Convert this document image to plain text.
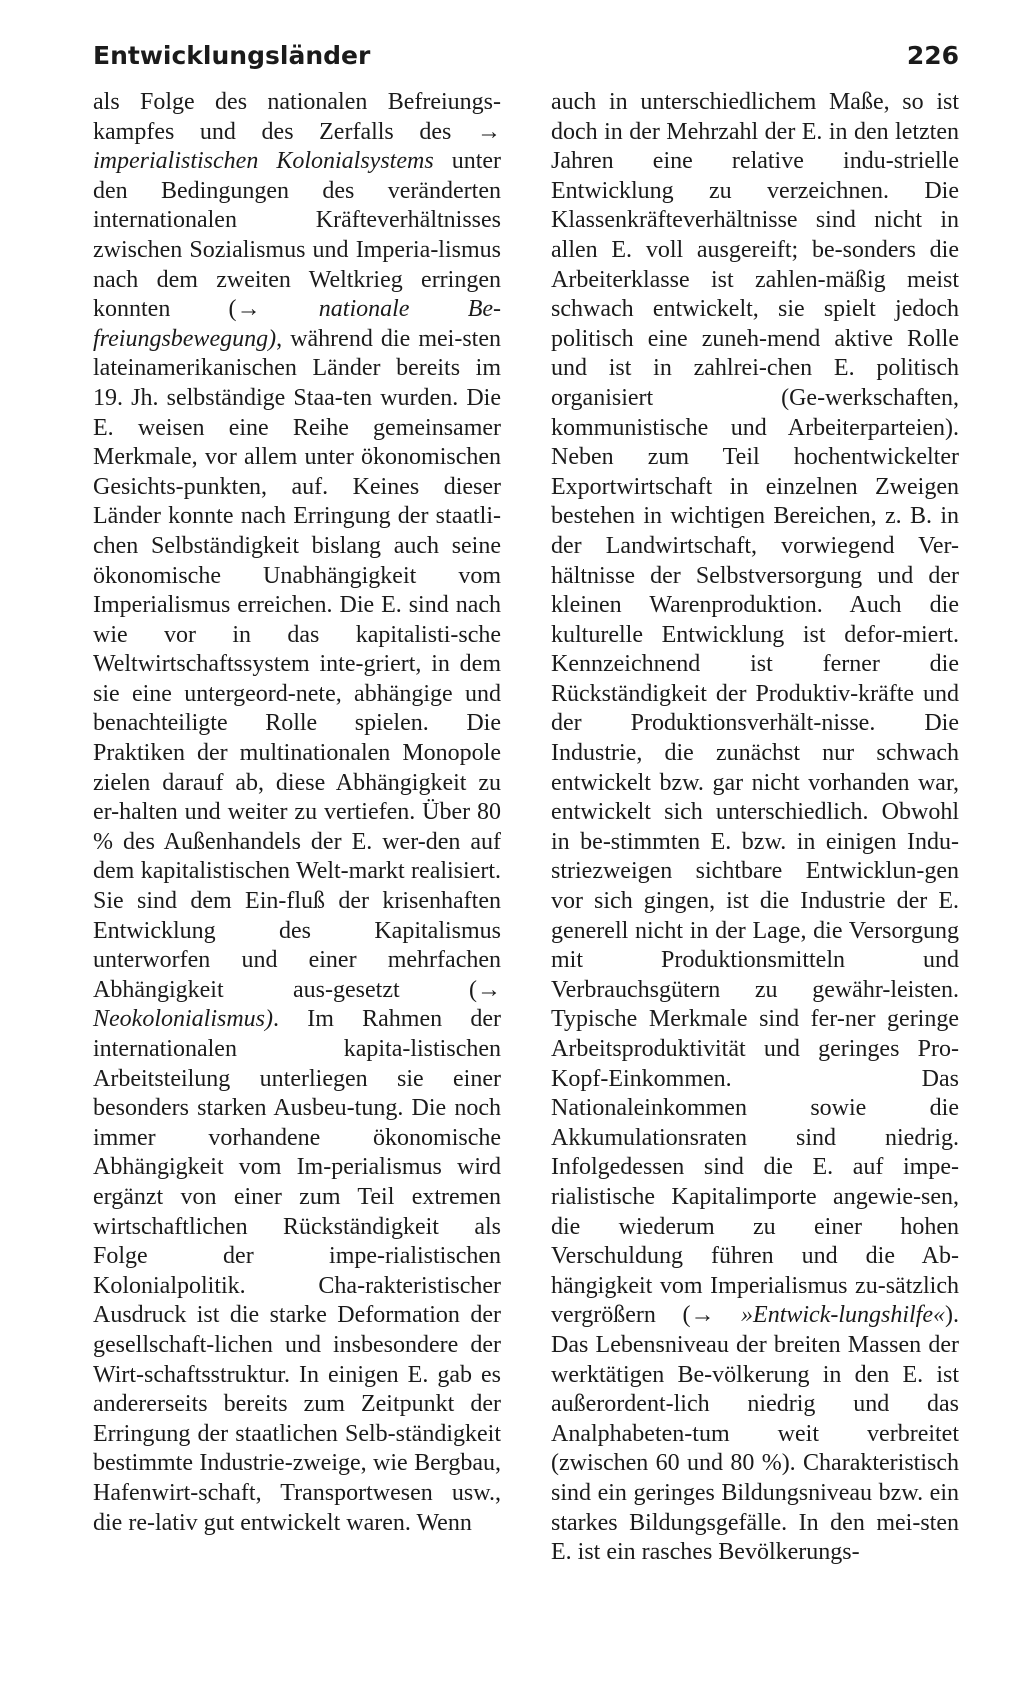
Entwicklungsländer	226

als Folge des nationalen Befreiungs-kampfes und des Zerfalls des → imperialistischen Kolonialsystems unter den Bedingungen des veränderten internationalen Kräfteverhältnisses zwischen Sozialismus und Imperia-lismus nach dem zweiten Weltkrieg erringen konnten (→ nationale Be-freiungsbewegung), während die mei-sten lateinamerikanischen Länder bereits im 19. Jh. selbständige Staa-ten wurden. Die E. weisen eine Reihe gemeinsamer Merkmale, vor allem unter ökonomischen Gesichts-punkten, auf. Keines dieser Länder konnte nach Erringung der staatli-chen Selbständigkeit bislang auch seine ökonomische Unabhängigkeit vom Imperialismus erreichen. Die E. sind nach wie vor in das kapitalisti-sche Weltwirtschaftssystem inte-griert, in dem sie eine untergeord-nete, abhängige und benachteiligte Rolle spielen. Die Praktiken der multinationalen Monopole zielen darauf ab, diese Abhängigkeit zu er-halten und weiter zu vertiefen. Über 80 % des Außenhandels der E. wer-den auf dem kapitalistischen Welt-markt realisiert. Sie sind dem Ein-fluß der krisenhaften Entwicklung des Kapitalismus unterworfen und einer mehrfachen Abhängigkeit aus-gesetzt (→ Neokolonialismus). Im Rahmen der internationalen kapita-listischen Arbeitsteilung unterliegen sie einer besonders starken Ausbeu-tung. Die noch immer vorhandene ökonomische Abhängigkeit vom Im-perialismus wird ergänzt von einer zum Teil extremen wirtschaftlichen Rückständigkeit als Folge der impe-rialistischen Kolonialpolitik. Cha-rakteristischer Ausdruck ist die starke Deformation der gesellschaft-lichen und insbesondere der Wirt-schaftsstruktur. In einigen E. gab es andererseits bereits zum Zeitpunkt der Erringung der staatlichen Selb-ständigkeit bestimmte Industrie-zweige, wie Bergbau, Hafenwirt-schaft, Transportwesen usw., die re-lativ gut entwickelt waren. Wenn

auch in unterschiedlichem Maße, so ist doch in der Mehrzahl der E. in den letzten Jahren eine relative indu-strielle Entwicklung zu verzeichnen. Die Klassenkräfteverhältnisse sind nicht in allen E. voll ausgereift; be-sonders die Arbeiterklasse ist zahlen-mäßig meist schwach entwickelt, sie spielt jedoch politisch eine zuneh-mend aktive Rolle und ist in zahlrei-chen E. politisch organisiert (Ge-werkschaften, kommunistische und Arbeiterparteien). Neben zum Teil hochentwickelter Exportwirtschaft in einzelnen Zweigen bestehen in wichtigen Bereichen, z. B. in der Landwirtschaft, vorwiegend Ver-hältnisse der Selbstversorgung und der kleinen Warenproduktion. Auch die kulturelle Entwicklung ist defor-miert. Kennzeichnend ist ferner die Rückständigkeit der Produktiv-kräfte und der Produktionsverhält-nisse. Die Industrie, die zunächst nur schwach entwickelt bzw. gar nicht vorhanden war, entwickelt sich unterschiedlich. Obwohl in be-stimmten E. bzw. in einigen Indu-striezweigen sichtbare Entwicklun-gen vor sich gingen, ist die Industrie der E. generell nicht in der Lage, die Versorgung mit Produktionsmitteln und Verbrauchsgütern zu gewähr-leisten. Typische Merkmale sind fer-ner geringe Arbeitsproduktivität und geringes Pro-Kopf-Einkommen. Das Nationaleinkommen sowie die Akkumulationsraten sind niedrig. Infolgedessen sind die E. auf impe-rialistische Kapitalimporte angewie-sen, die wiederum zu einer hohen Verschuldung führen und die Ab-hängigkeit vom Imperialismus zu-sätzlich vergrößern (→ »Entwick-lungshilfe«). Das Lebensniveau der breiten Massen der werktätigen Be-völkerung in den E. ist außerordent-lich niedrig und das Analphabeten-tum weit verbreitet (zwischen 60 und 80 %). Charakteristisch sind ein geringes Bildungsniveau bzw. ein starkes Bildungsgefälle. In den mei-sten E. ist ein rasches Bevölkerungs-
